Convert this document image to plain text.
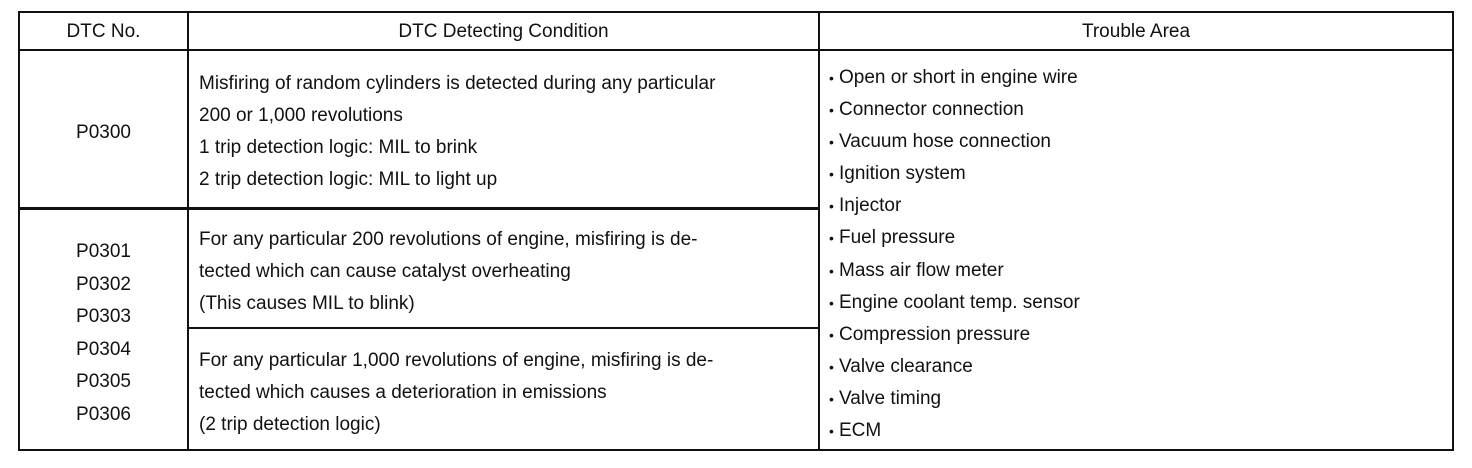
DTC No.	DTC Detecting Condition	Trouble Area
P0300
Misfiring of random cylinders is detected during any particular
200 or 1,000 revolutions
1 trip detection logic: MIL to brink
2 trip detection logic: MIL to light up
P0301
P0302
P0303
P0304
P0305
P0306
For any particular 200 revolutions of engine, misfiring is de-
tected which can cause catalyst overheating
(This causes MIL to blink)
For any particular 1,000 revolutions of engine, misfiring is de-
tected which causes a deterioration in emissions
(2 trip detection logic)
• Open or short in engine wire
• Connector connection
• Vacuum hose connection
• Ignition system
• Injector
• Fuel pressure
• Mass air flow meter
• Engine coolant temp. sensor
• Compression pressure
• Valve clearance
• Valve timing
• ECM
